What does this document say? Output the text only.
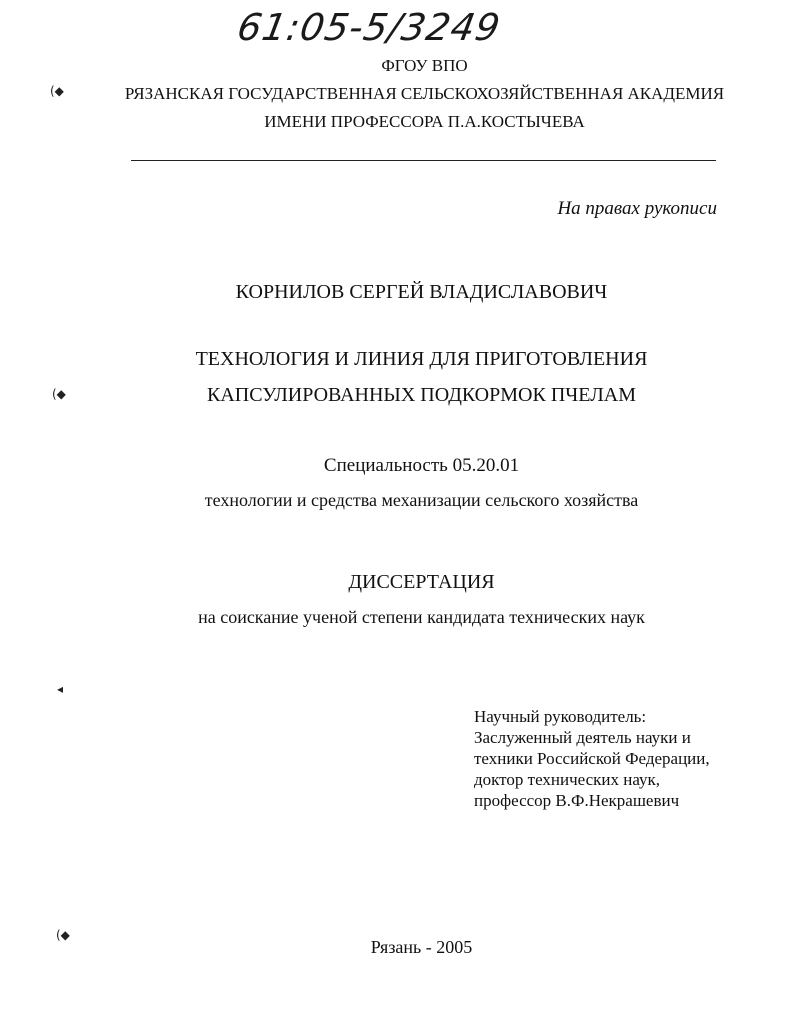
61:05-5/3249
ФГОУ ВПО
РЯЗАНСКАЯ ГОСУДАРСТВЕННАЯ СЕЛЬСКОХОЗЯЙСТВЕННАЯ АКАДЕМИЯ
ИМЕНИ ПРОФЕССОРА П.А.КОСТЫЧЕВА
На правах рукописи
КОРНИЛОВ СЕРГЕЙ ВЛАДИСЛАВОВИЧ
ТЕХНОЛОГИЯ И ЛИНИЯ ДЛЯ ПРИГОТОВЛЕНИЯ
КАПСУЛИРОВАННЫХ ПОДКОРМОК ПЧЕЛАМ
Специальность 05.20.01
технологии и средства механизации сельского хозяйства
ДИССЕРТАЦИЯ
на соискание ученой степени кандидата технических наук
Научный руководитель:
Заслуженный деятель науки и
техники Российской Федерации,
доктор технических наук,
профессор В.Ф.Некрашевич
Рязань - 2005
(◆
(◆
◂
(◆
